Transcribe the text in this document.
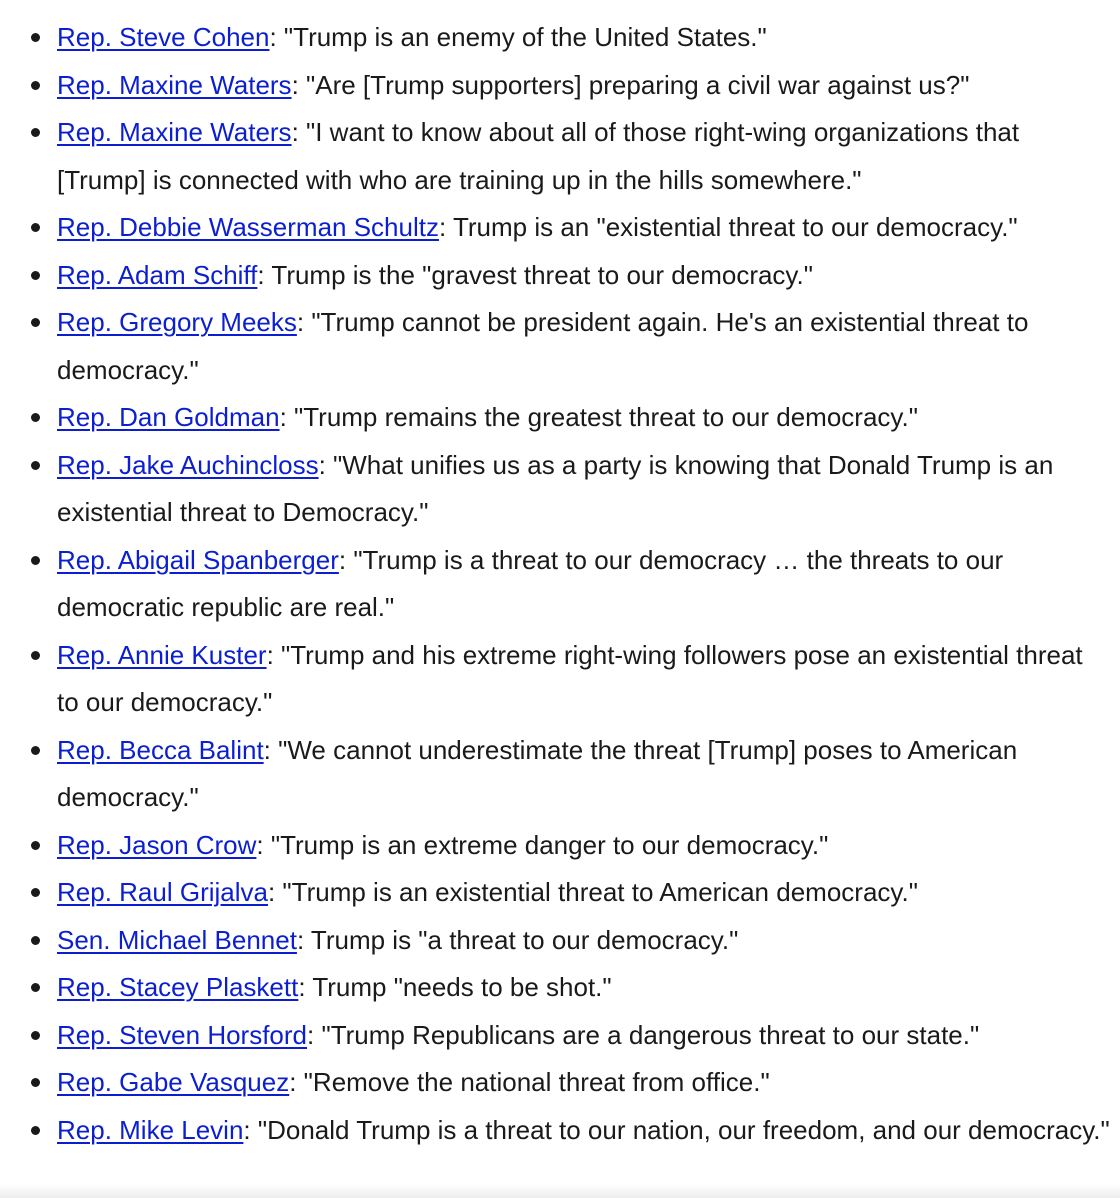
Rep. Steve Cohen: "Trump is an enemy of the United States."
Rep. Maxine Waters: "Are [Trump supporters] preparing a civil war against us?"
Rep. Maxine Waters: "I want to know about all of those right-wing organizations that [Trump] is connected with who are training up in the hills somewhere."
Rep. Debbie Wasserman Schultz: Trump is an "existential threat to our democracy."
Rep. Adam Schiff: Trump is the "gravest threat to our democracy."
Rep. Gregory Meeks: "Trump cannot be president again. He's an existential threat to democracy."
Rep. Dan Goldman: "Trump remains the greatest threat to our democracy."
Rep. Jake Auchincloss: "What unifies us as a party is knowing that Donald Trump is an
existential threat to Democracy."
Rep. Abigail Spanberger: "Trump is a threat to our democracy … the threats to our democratic republic are real."
Rep. Annie Kuster: "Trump and his extreme right-wing followers pose an existential threat to our democracy."
Rep. Becca Balint: "We cannot underestimate the threat [Trump] poses to American democracy."
Rep. Jason Crow: "Trump is an extreme danger to our democracy."
Rep. Raul Grijalva: "Trump is an existential threat to American democracy."
Sen. Michael Bennet: Trump is "a threat to our democracy."
Rep. Stacey Plaskett: Trump "needs to be shot."
Rep. Steven Horsford: "Trump Republicans are a dangerous threat to our state."
Rep. Gabe Vasquez: "Remove the national threat from office."
Rep. Mike Levin: "Donald Trump is a threat to our nation, our freedom, and our democracy."
